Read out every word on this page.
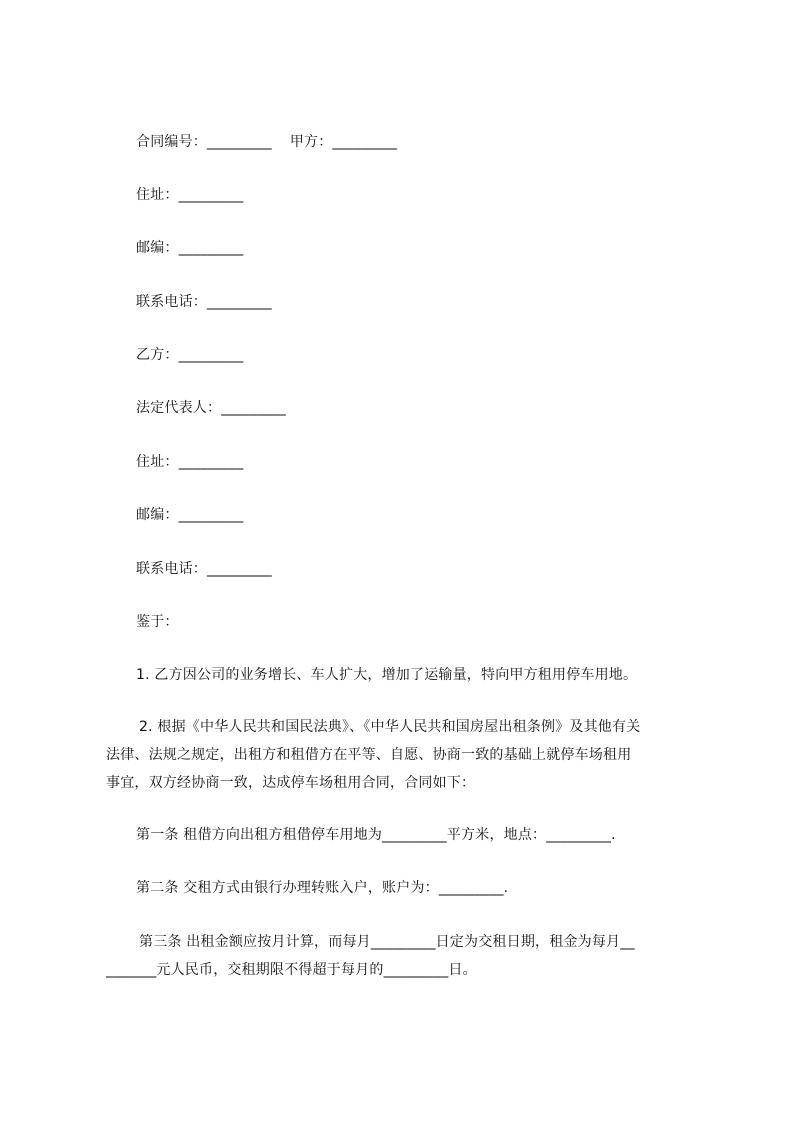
合同编号：_________ 甲方：_________
住址：_________
邮编：_________
联系电话：_________
乙方：_________
法定代表人：_________
住址：_________
邮编：_________
联系电话：_________
鉴于：
1. 乙方因公司的业务增长、车人扩大，增加了运输量，特向甲方租用停车用地。
2. 根据《中华人民共和国民法典》、《中华人民共和国房屋出租条例》及其他有关
法律、法规之规定，出租方和租借方在平等、自愿、协商一致的基础上就停车场租用
事宜，双方经协商一致，达成停车场租用合同，合同如下：
第一条 租借方向出租方租借停车用地为_________平方米，地点：_________.
第二条 交租方式由银行办理转账入户，账户为：_________.
第三条 出租金额应按月计算，而每月_________日定为交租日期，租金为每月__
_______元人民币，交租期限不得超于每月的_________日。
